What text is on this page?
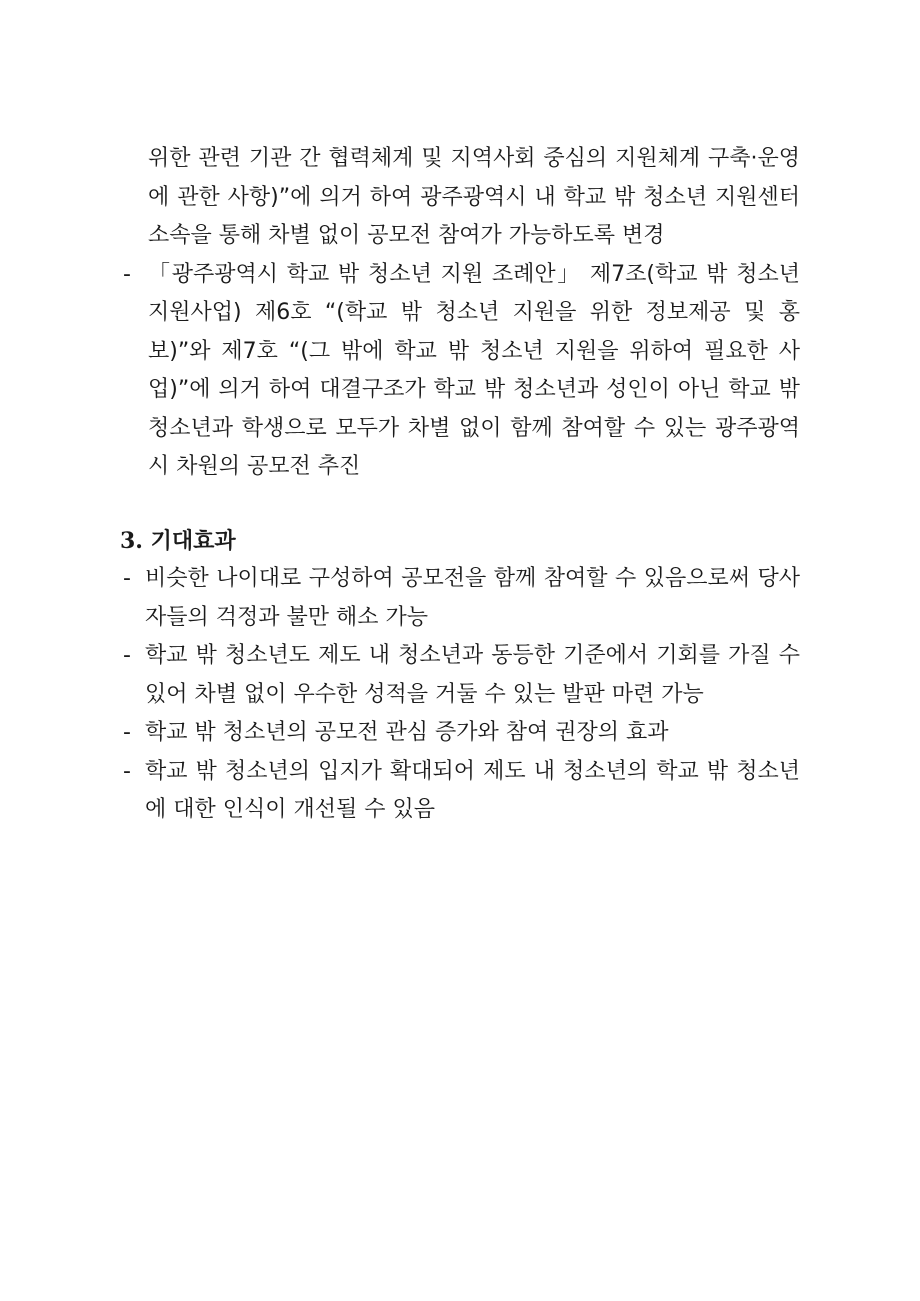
위한 관련 기관 간 협력체계 및 지역사회 중심의 지원체계 구축·운영에 관한 사항)”에 의거 하여 광주광역시 내 학교 밖 청소년 지원센터 소속을 통해 차별 없이 공모전 참여가 가능하도록 변경

- 「광주광역시 학교 밖 청소년 지원 조례안」 제7조(학교 밖 청소년 지원사업) 제6호 “(학교 밖 청소년 지원을 위한 정보제공 및 홍보)”와 제7호 “(그 밖에 학교 밖 청소년 지원을 위하여 필요한 사업)”에 의거 하여 대결구조가 학교 밖 청소년과 성인이 아닌 학교 밖 청소년과 학생으로 모두가 차별 없이 함께 참여할 수 있는 광주광역시 차원의 공모전 추진
3. 기대효과
- 비슷한 나이대로 구성하여 공모전을 함께 참여할 수 있음으로써 당사자들의 걱정과 불만 해소 가능
- 학교 밖 청소년도 제도 내 청소년과 동등한 기준에서 기회를 가질 수 있어 차별 없이 우수한 성적을 거둘 수 있는 발판 마련 가능
- 학교 밖 청소년의 공모전 관심 증가와 참여 권장의 효과
- 학교 밖 청소년의 입지가 확대되어 제도 내 청소년의 학교 밖 청소년에 대한 인식이 개선될 수 있음
